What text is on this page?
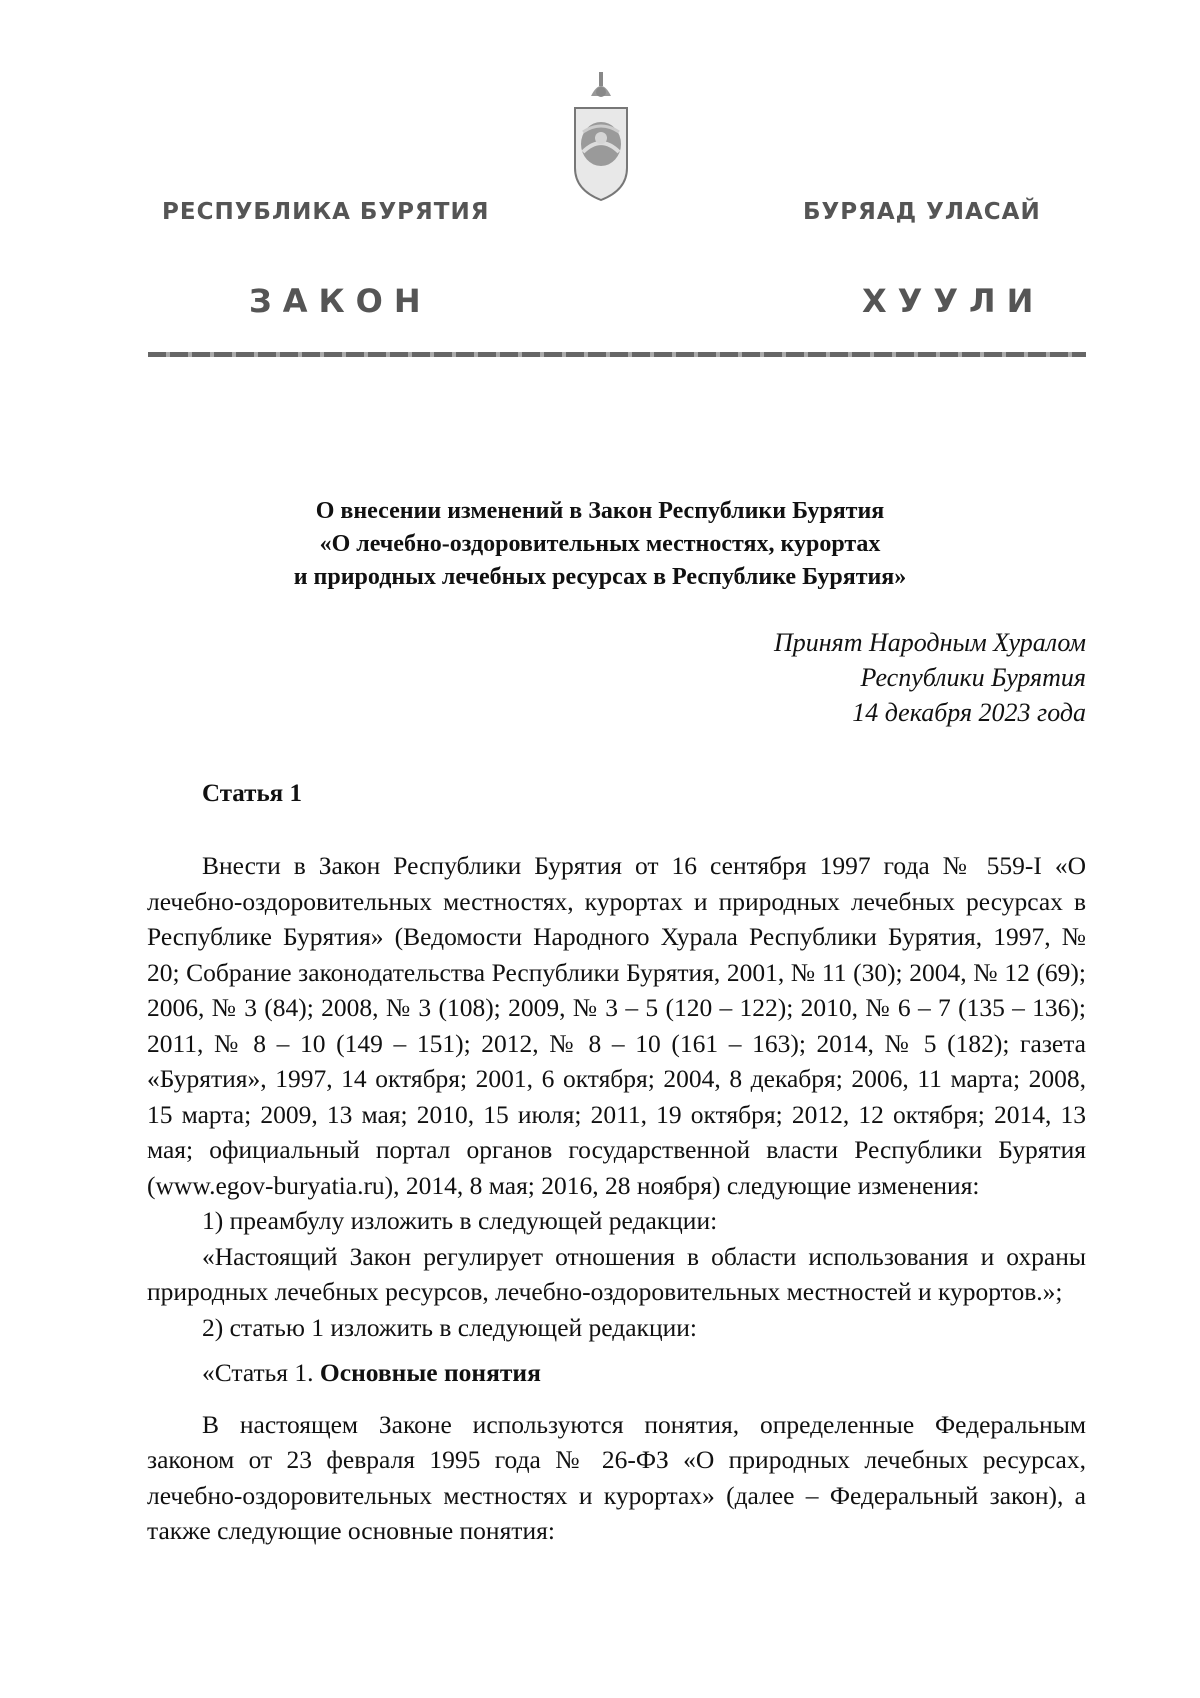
РЕСПУБЛИКА БУРЯТИЯ	БУРЯАД УЛАСАЙ
ЗАКОН	ХУУЛИ
О внесении изменений в Закон Республики Бурятия
«О лечебно-оздоровительных местностях, курортах
и природных лечебных ресурсах в Республике Бурятия»
Принят Народным Хуралом
Республики Бурятия
14 декабря 2023 года
Статья 1

Внести в Закон Республики Бурятия от 16 сентября 1997 года № 559-I «О лечебно-оздоровительных местностях, курортах и природных лечебных ресурсах в Республике Бурятия» (Ведомости Народного Хурала Республики Бурятия, 1997, № 20; Собрание законодательства Республики Бурятия, 2001, № 11 (30); 2004, № 12 (69); 2006, № 3 (84); 2008, № 3 (108); 2009, № 3 – 5 (120 – 122); 2010, № 6 – 7 (135 – 136); 2011, № 8 – 10 (149 – 151); 2012, № 8 – 10 (161 – 163); 2014, № 5 (182); газета «Бурятия», 1997, 14 октября; 2001, 6 октября; 2004, 8 декабря; 2006, 11 марта; 2008, 15 марта; 2009, 13 мая; 2010, 15 июля; 2011, 19 октября; 2012, 12 октября; 2014, 13 мая; официальный портал органов государственной власти Республики Бурятия (www.egov-buryatia.ru), 2014, 8 мая; 2016, 28 ноября) следующие изменения:

1) преамбулу изложить в следующей редакции:

«Настоящий Закон регулирует отношения в области использования и охраны природных лечебных ресурсов, лечебно-оздоровительных местностей и курортов.»;

2) статью 1 изложить в следующей редакции:

«Статья 1. Основные понятия

В настоящем Законе используются понятия, определенные Федеральным законом от 23 февраля 1995 года № 26-ФЗ «О природных лечебных ресурсах, лечебно-оздоровительных местностях и курортах» (далее – Федеральный закон), а также следующие основные понятия:
